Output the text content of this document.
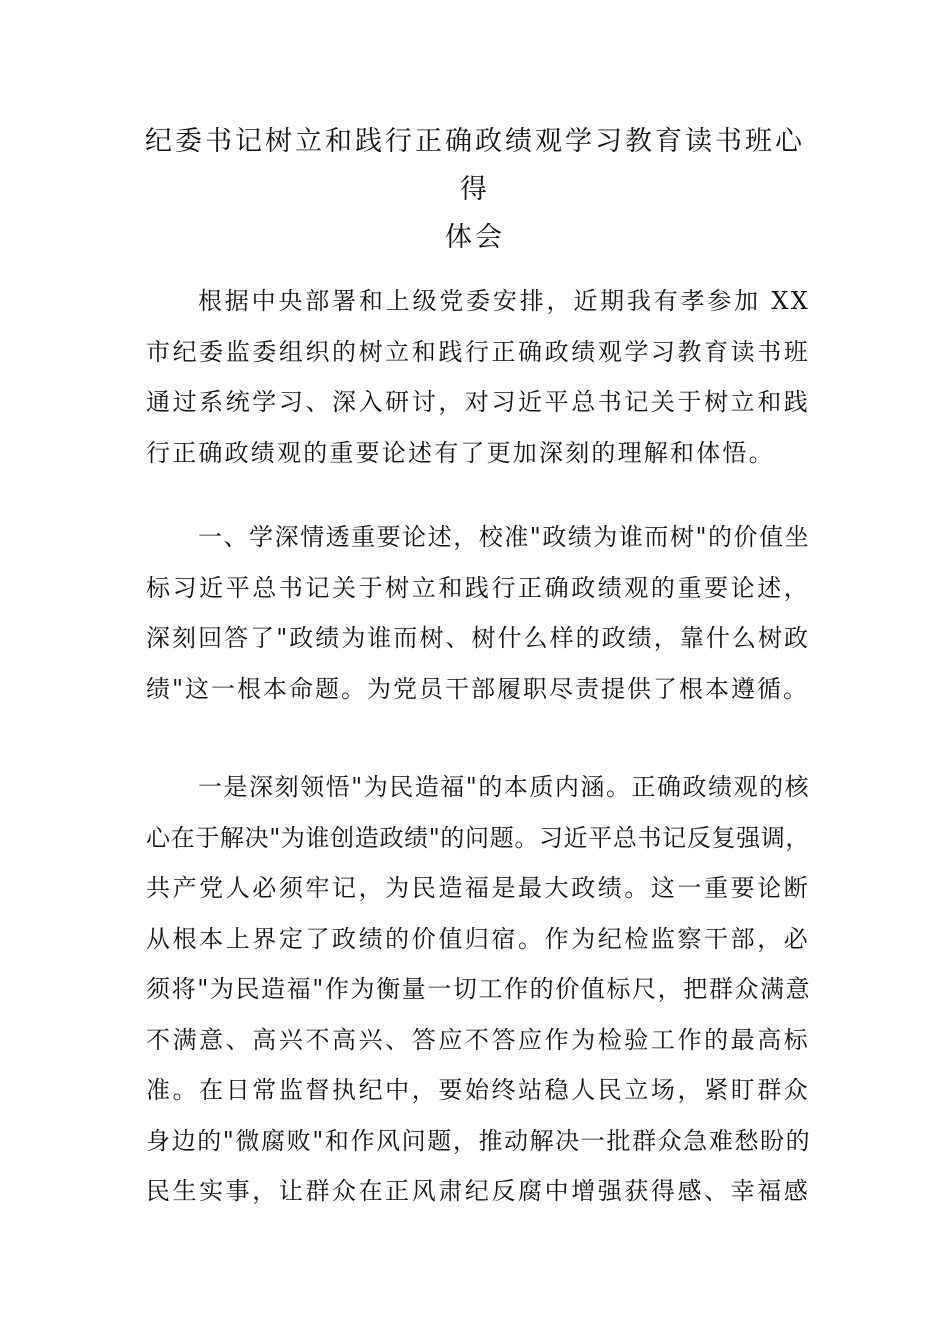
纪委书记树立和践行正确政绩观学习教育读书班心得
体会
根据中央部署和上级党委安排，近期我有孝参加 XX
市纪委监委组织的树立和践行正确政绩观学习教育读书班
通过系统学习、深入研讨，对习近平总书记关于树立和践
行正确政绩观的重要论述有了更加深刻的理解和体悟。
一、学深情透重要论述，校准"政绩为谁而树"的价值坐
标习近平总书记关于树立和践行正确政绩观的重要论述，
深刻回答了"政绩为谁而树、树什么样的政绩，靠什么树政
绩"这一根本命题。为党员干部履职尽责提供了根本遵循。
一是深刻领悟"为民造福"的本质内涵。正确政绩观的核
心在于解决"为谁创造政绩"的问题。习近平总书记反复强调，
共产党人必须牢记，为民造福是最大政绩。这一重要论断
从根本上界定了政绩的价值归宿。作为纪检监察干部，必
须将"为民造福"作为衡量一切工作的价值标尺，把群众满意
不满意、高兴不高兴、答应不答应作为检验工作的最高标
准。在日常监督执纪中，要始终站稳人民立场，紧盯群众
身边的"微腐败"和作风问题，推动解决一批群众急难愁盼的
民生实事，让群众在正风肃纪反腐中增强获得感、幸福感
